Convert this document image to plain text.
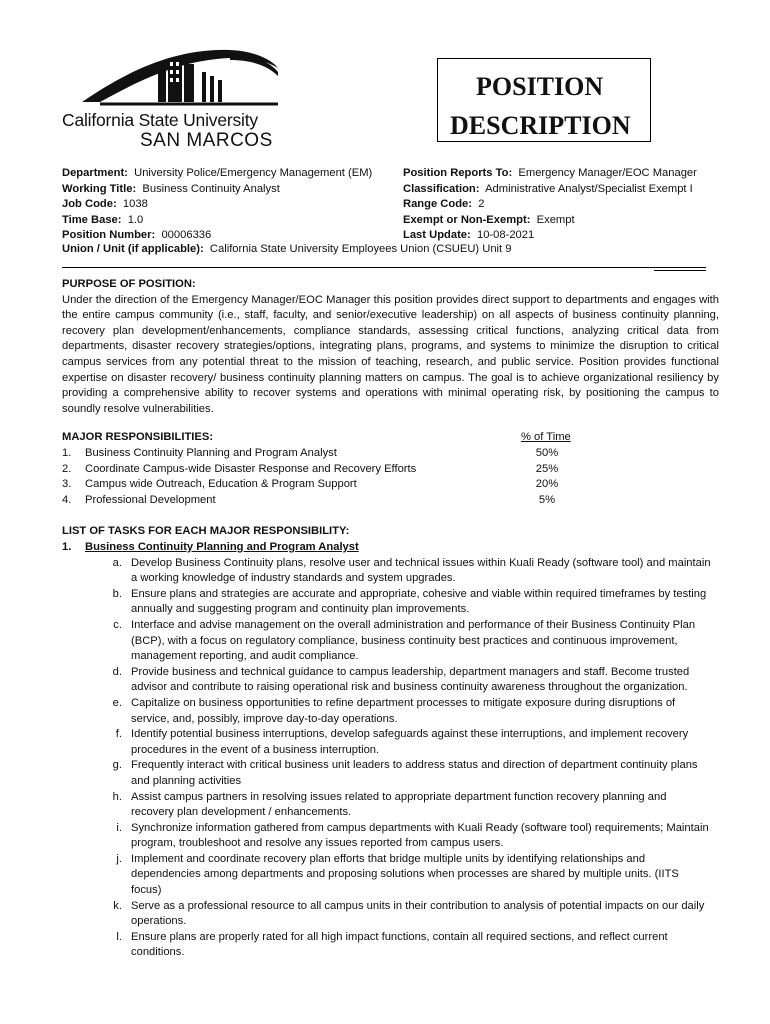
California State University
SAN MARCOS
POSITION
DESCRIPTION
Department: University Police/Emergency Management (EM)
Working Title: Business Continuity Analyst
Job Code: 1038
Time Base: 1.0
Position Number: 00006336
Position Reports To: Emergency Manager/EOC Manager
Classification: Administrative Analyst/Specialist Exempt I
Range Code: 2
Exempt or Non-Exempt: Exempt
Last Update: 10-08-2021
Union / Unit (if applicable): California State University Employees Union (CSUEU) Unit 9
PURPOSE OF POSITION:

Under the direction of the Emergency Manager/EOC Manager this position provides direct support to departments and engages with the entire campus community (i.e., staff, faculty, and senior/executive leadership) on all aspects of business continuity planning, recovery plan development/enhancements, compliance standards, assessing critical functions, analyzing critical data from departments, disaster recovery strategies/options, integrating plans, programs, and systems to minimize the disruption to critical campus services from any potential threat to the mission of teaching, research, and public service. Position provides functional expertise on disaster recovery/ business continuity planning matters on campus. The goal is to achieve organizational resiliency by providing a comprehensive ability to recover systems and operations with minimal operating risk, by positioning the campus to soundly resolve vulnerabilities.

MAJOR RESPONSIBILITIES:	% of Time
1. Business Continuity Planning and Program Analyst	50%
2. Coordinate Campus-wide Disaster Response and Recovery Efforts	25%
3. Campus wide Outreach, Education & Program Support	20%
4. Professional Development	5%
LIST OF TASKS FOR EACH MAJOR RESPONSIBILITY:
1. Business Continuity Planning and Program Analyst
a. Develop Business Continuity plans, resolve user and technical issues within Kuali Ready (software tool) and maintain a working knowledge of industry standards and system upgrades.
b. Ensure plans and strategies are accurate and appropriate, cohesive and viable within required timeframes by testing annually and suggesting program and continuity plan improvements.
c. Interface and advise management on the overall administration and performance of their Business Continuity Plan (BCP), with a focus on regulatory compliance, business continuity best practices and continuous improvement, management reporting, and audit compliance.
d. Provide business and technical guidance to campus leadership, department managers and staff. Become trusted advisor and contribute to raising operational risk and business continuity awareness throughout the organization.
e. Capitalize on business opportunities to refine department processes to mitigate exposure during disruptions of service, and, possibly, improve day-to-day operations.
f. Identify potential business interruptions, develop safeguards against these interruptions, and implement recovery procedures in the event of a business interruption.
g. Frequently interact with critical business unit leaders to address status and direction of department continuity plans and planning activities
h. Assist campus partners in resolving issues related to appropriate department function recovery planning and recovery plan development / enhancements.
i. Synchronize information gathered from campus departments with Kuali Ready (software tool) requirements; Maintain program, troubleshoot and resolve any issues reported from campus users.
j. Implement and coordinate recovery plan efforts that bridge multiple units by identifying relationships and dependencies among departments and proposing solutions when processes are shared by multiple units. (IITS focus)
k. Serve as a professional resource to all campus units in their contribution to analysis of potential impacts on our daily operations.
l. Ensure plans are properly rated for all high impact functions, contain all required sections, and reflect current conditions.
